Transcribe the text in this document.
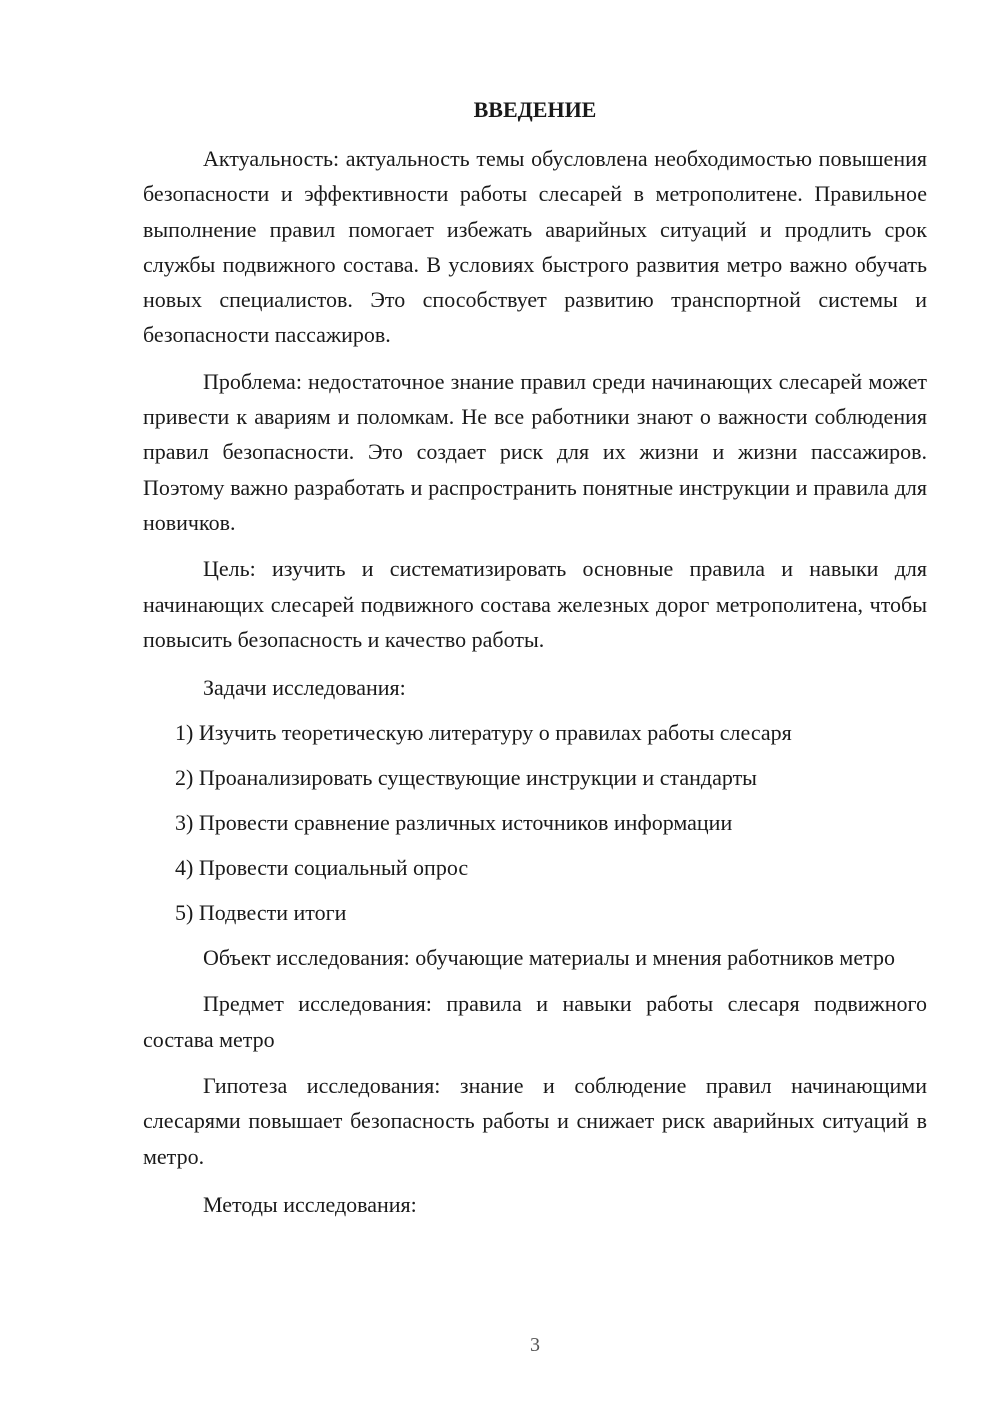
ВВЕДЕНИЕ

Актуальность: актуальность темы обусловлена необходимостью повышения безопасности и эффективности работы слесарей в метрополитене. Правильное выполнение правил помогает избежать аварийных ситуаций и продлить срок службы подвижного состава. В условиях быстрого развития метро важно обучать новых специалистов. Это способствует развитию транспортной системы и безопасности пассажиров.

Проблема: недостаточное знание правил среди начинающих слесарей может привести к авариям и поломкам. Не все работники знают о важности соблюдения правил безопасности. Это создает риск для их жизни и жизни пассажиров. Поэтому важно разработать и распространить понятные инструкции и правила для новичков.

Цель: изучить и систематизировать основные правила и навыки для начинающих слесарей подвижного состава железных дорог метрополитена, чтобы повысить безопасность и качество работы.

Задачи исследования:

1) Изучить теоретическую литературу о правилах работы слесаря
2) Проанализировать существующие инструкции и стандарты
3) Провести сравнение различных источников информации
4) Провести социальный опрос
5) Подвести итоги

Объект исследования: обучающие материалы и мнения работников метро

Предмет исследования: правила и навыки работы слесаря подвижного состава метро

Гипотеза исследования: знание и соблюдение правил начинающими слесарями повышает безопасность работы и снижает риск аварийных ситуаций в метро.

Методы исследования:

3
